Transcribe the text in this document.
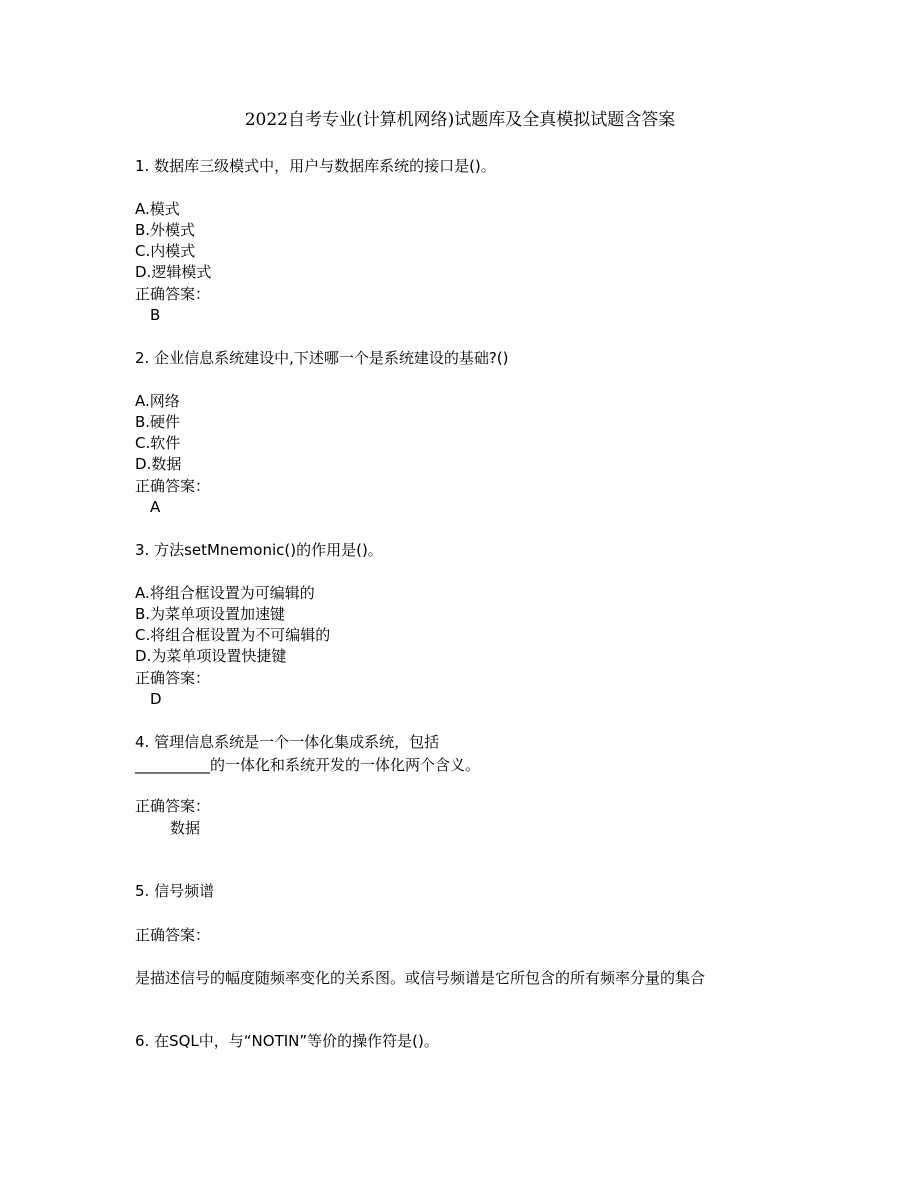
2022自考专业(计算机网络)试题库及全真模拟试题含答案
1. 数据库三级模式中，用户与数据库系统的接口是()。
A.模式
B.外模式
C.内模式
D.逻辑模式
正确答案：
B
2. 企业信息系统建设中,下述哪一个是系统建设的基础?()
A.网络
B.硬件
C.软件
D.数据
正确答案：
A
3. 方法setMnemonic()的作用是()。
A.将组合框设置为可编辑的
B.为菜单项设置加速键
C.将组合框设置为不可编辑的
D.为菜单项设置快捷键
正确答案：
D
4. 管理信息系统是一个一体化集成系统，包括
__________的一体化和系统开发的一体化两个含义。
正确答案：
数据
5. 信号频谱
正确答案：
是描述信号的幅度随频率变化的关系图。或信号频谱是它所包含的所有频率分量的集合
6. 在SQL中，与“NOTIN”等价的操作符是()。
